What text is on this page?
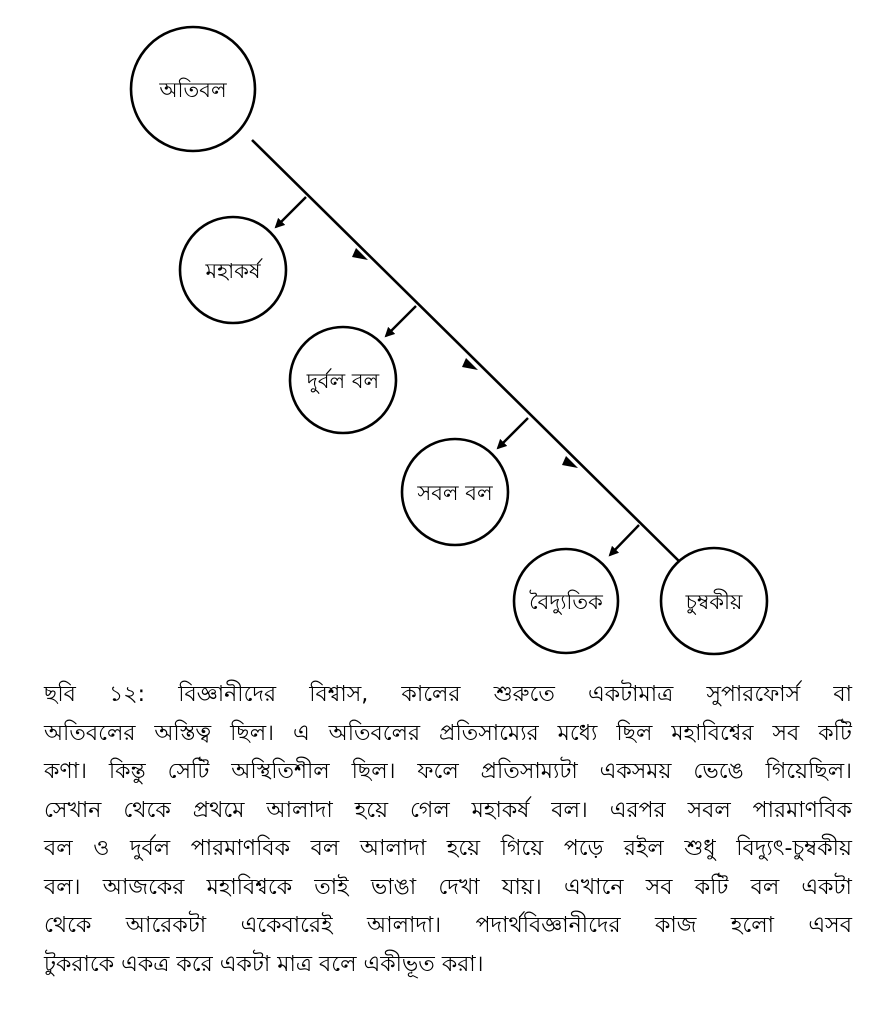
অতিবল
মহাকর্ষ
দুর্বল বল
সবল বল
বৈদ্যুতিক	চুম্বকীয়
ছবি ১২: বিজ্ঞানীদের বিশ্বাস, কালের শুরুতে একটামাত্র সুপারফোর্স বা
অতিবলের অস্তিত্ব ছিল। এ অতিবলের প্রতিসাম্যের মধ্যে ছিল মহাবিশ্বের সব কটি
কণা। কিন্তু সেটি অস্থিতিশীল ছিল। ফলে প্রতিসাম্যটা একসময় ভেঙে গিয়েছিল।
সেখান থেকে প্রথমে আলাদা হয়ে গেল মহাকর্ষ বল। এরপর সবল পারমাণবিক
বল ও দুর্বল পারমাণবিক বল আলাদা হয়ে গিয়ে পড়ে রইল শুধু বিদ্যুৎ-চুম্বকীয়
বল। আজকের মহাবিশ্বকে তাই ভাঙা দেখা যায়। এখানে সব কটি বল একটা
থেকে আরেকটা একেবারেই আলাদা। পদার্থবিজ্ঞানীদের কাজ হলো এসব
টুকরাকে একত্র করে একটা মাত্র বলে একীভূত করা।
